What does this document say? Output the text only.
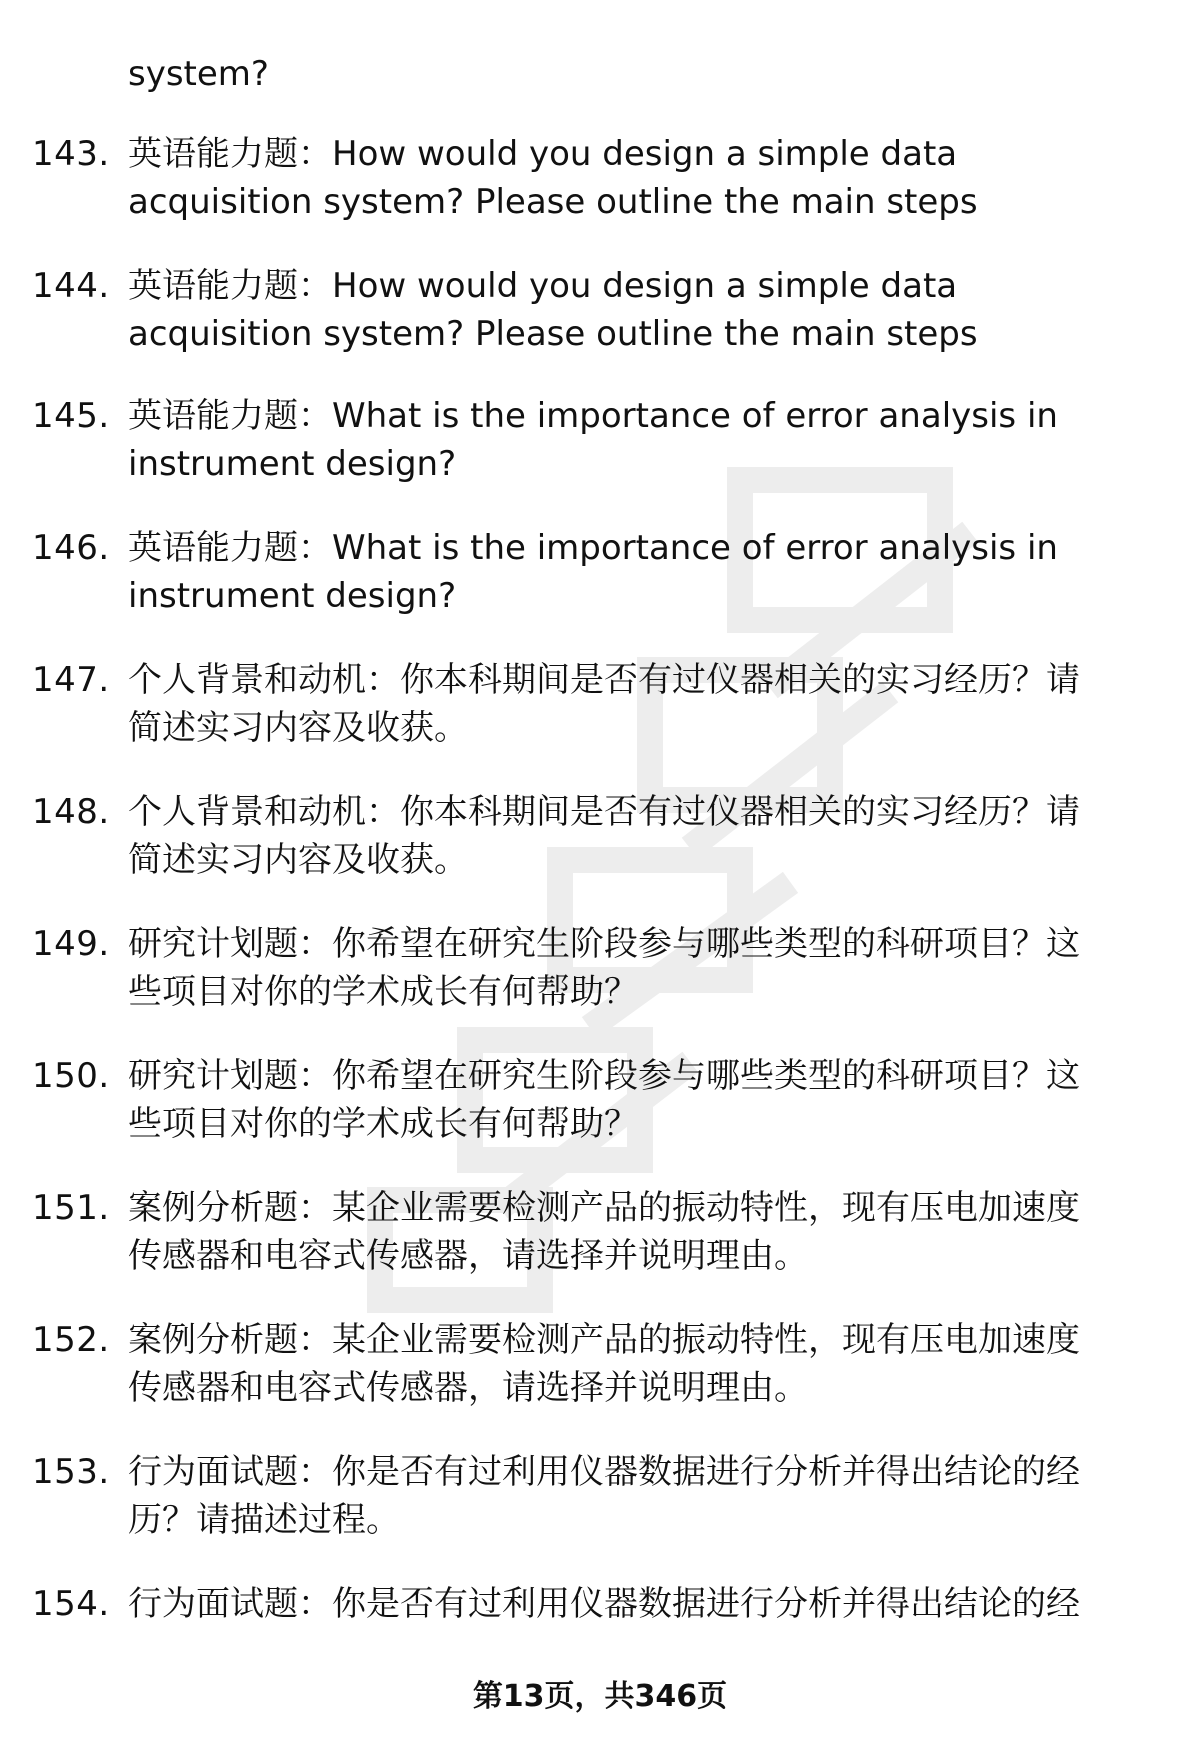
system?
143. 英语能力题：How would you design a simple data
acquisition system? Please outline the main steps
144. 英语能力题：How would you design a simple data
acquisition system? Please outline the main steps
145. 英语能力题：What is the importance of error analysis in
instrument design?
146. 英语能力题：What is the importance of error analysis in
instrument design?
147. 个人背景和动机：你本科期间是否有过仪器相关的实习经历？请
简述实习内容及收获。
148. 个人背景和动机：你本科期间是否有过仪器相关的实习经历？请
简述实习内容及收获。
149. 研究计划题：你希望在研究生阶段参与哪些类型的科研项目？这
些项目对你的学术成长有何帮助？
150. 研究计划题：你希望在研究生阶段参与哪些类型的科研项目？这
些项目对你的学术成长有何帮助？
151. 案例分析题：某企业需要检测产品的振动特性，现有压电加速度
传感器和电容式传感器，请选择并说明理由。
152. 案例分析题：某企业需要检测产品的振动特性，现有压电加速度
传感器和电容式传感器，请选择并说明理由。
153. 行为面试题：你是否有过利用仪器数据进行分析并得出结论的经
历？请描述过程。
154. 行为面试题：你是否有过利用仪器数据进行分析并得出结论的经
第13页，共346页
